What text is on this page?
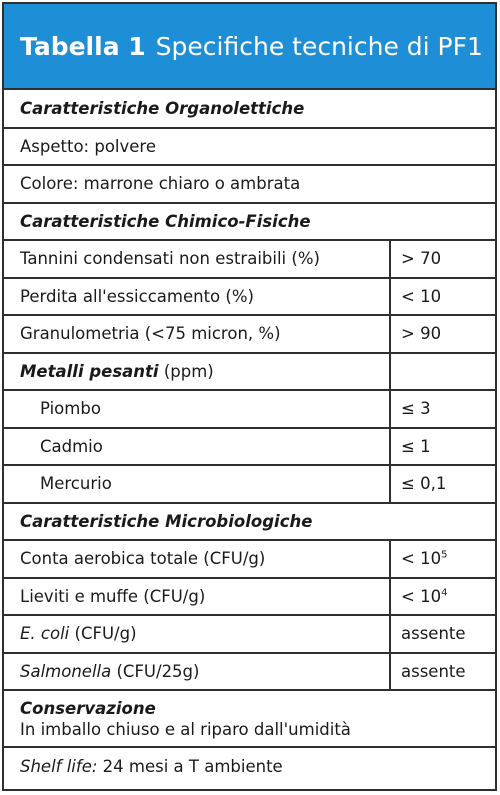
Tabella 1 Specifiche tecniche di PF1
Caratteristiche Organolettiche	
Aspetto: polvere	
Colore: marrone chiaro o ambrata	
Caratteristiche Chimico-Fisiche	
Tannini condensati non estraibili (%)	> 70
Perdita all'essiccamento (%)	< 10
Granulometria (<75 micron, %)	> 90
Metalli pesanti (ppm)	
Piombo	≤ 3
Cadmio	≤ 1
Mercurio	≤ 0,1
Caratteristiche Microbiologiche	
Conta aerobica totale (CFU/g)	< $10^5$
Lieviti e muffe (CFU/g)	< $10^4$
E. coli (CFU/g)	assente
Salmonella (CFU/25g)	assente

Conservazione
In imballo chiuso e al riparo dall'umidità	

Shelf life: 24 mesi a T ambiente	
